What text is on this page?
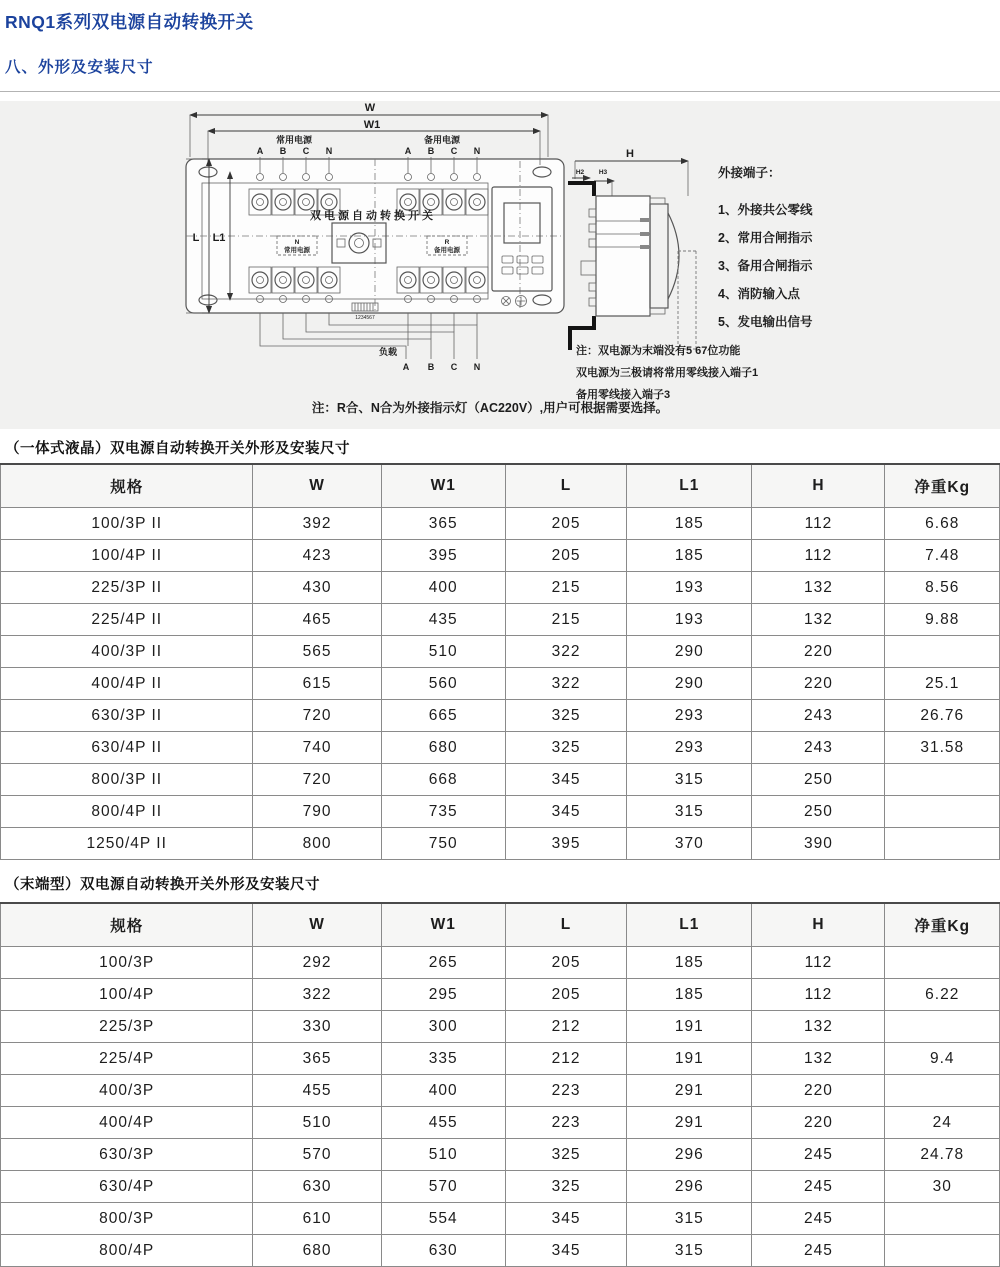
RNQ1系列双电源自动转换开关
八、外形及安装尺寸
双电源自动转换开关
N
常用电源
R
备用电源
1234567
A B C N	A B C N
常用电源	备用电源
负载
A B C N
W
W1
L L1
H
H2 H3	外接端子：
1、外接共公零线
2、常用合闸指示
3、备用合闸指示
4、消防输入点
5、发电输出信号
注：双电源为末端没有5 67位功能
双电源为三极请将常用零线接入端子1
备用零线接入端子3
注：R合、N合为外接指示灯（AC220V）,用户可根据需要选择。
（一体式液晶）双电源自动转换开关外形及安装尺寸
规格	W	W1	L	L1	H	净重Kg
100/3P II	392	365	205	185	112	6.68
100/4P II	423	395	205	185	112	7.48
225/3P II	430	400	215	193	132	8.56
225/4P II	465	435	215	193	132	9.88
400/3P II	565	510	322	290	220	
400/4P II	615	560	322	290	220	25.1
630/3P II	720	665	325	293	243	26.76
630/4P II	740	680	325	293	243	31.58
800/3P II	720	668	345	315	250	
800/4P II	790	735	345	315	250	
1250/4P II	800	750	395	370	390	
（末端型）双电源自动转换开关外形及安装尺寸
规格	W	W1	L	L1	H	净重Kg
100/3P	292	265	205	185	112	
100/4P	322	295	205	185	112	6.22
225/3P	330	300	212	191	132	
225/4P	365	335	212	191	132	9.4
400/3P	455	400	223	291	220	
400/4P	510	455	223	291	220	24
630/3P	570	510	325	296	245	24.78
630/4P	630	570	325	296	245	30
800/3P	610	554	345	315	245	
800/4P	680	630	345	315	245	
